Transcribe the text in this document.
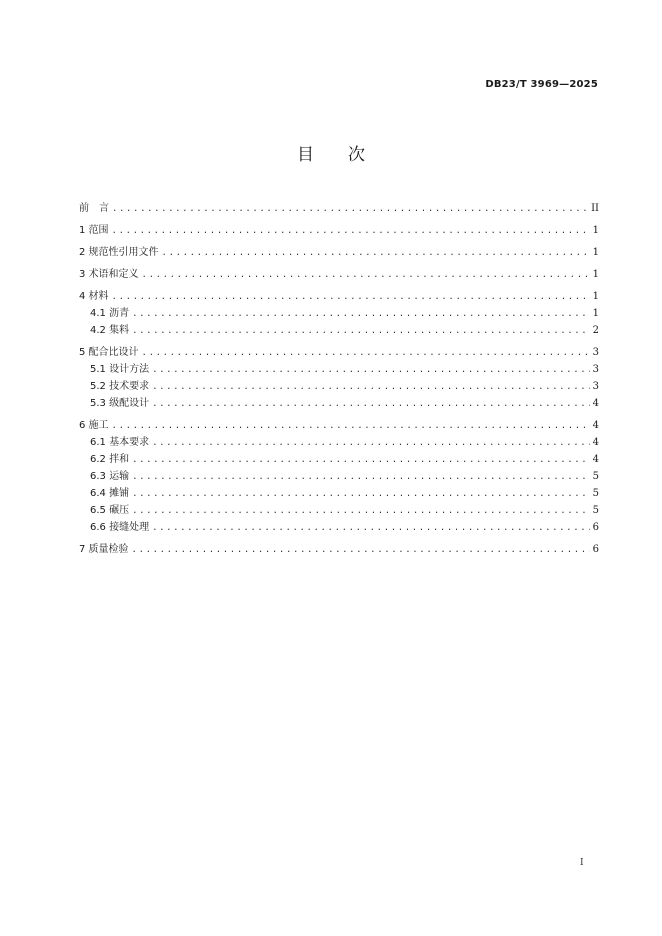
DB23/T 3969—2025
目 次
前　言 .....	II
1 范围 .....	1
2 规范性引用文件 .....	1
3 术语和定义 .....	1
4 材料 .....	1
4.1 沥青 .....	1
4.2 集料 .....	2
5 配合比设计 .....	3
5.1 设计方法 .....	3
5.2 技术要求 .....	3
5.3 级配设计 .....	4
6 施工 .....	4
6.1 基本要求 .....	4
6.2 拌和 .....	4
6.3 运输 .....	5
6.4 摊铺 .....	5
6.5 碾压 .....	5
6.6 接缝处理 .....	6
7 质量检验 .....	6
I
